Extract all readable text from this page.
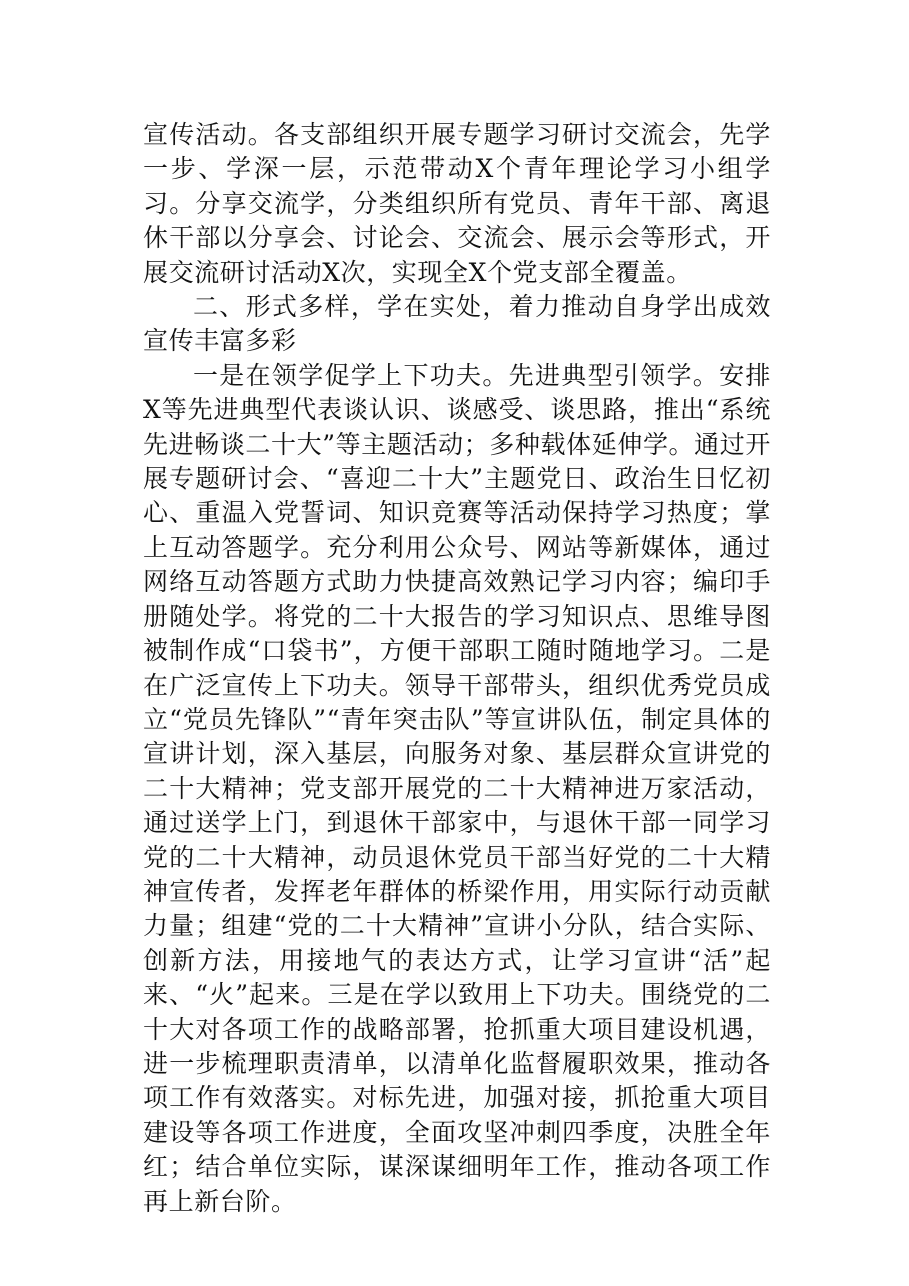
宣传活动。各支部组织开展专题学习研讨交流会，先学一步、学深一层，示范带动X个青年理论学习小组学习。分享交流学，分类组织所有党员、青年干部、离退休干部以分享会、讨论会、交流会、展示会等形式，开展交流研讨活动X次，实现全X个党支部全覆盖。

二、形式多样，学在实处，着力推动自身学出成效宣传丰富多彩

一是在领学促学上下功夫。先进典型引领学。安排X等先进典型代表谈认识、谈感受、谈思路，推出“系统先进畅谈二十大”等主题活动；多种载体延伸学。通过开展专题研讨会、“喜迎二十大”主题党日、政治生日忆初心、重温入党誓词、知识竞赛等活动保持学习热度；掌上互动答题学。充分利用公众号、网站等新媒体，通过网络互动答题方式助力快捷高效熟记学习内容；编印手册随处学。将党的二十大报告的学习知识点、思维导图被制作成“口袋书”，方便干部职工随时随地学习。二是在广泛宣传上下功夫。领导干部带头，组织优秀党员成立“党员先锋队”“青年突击队”等宣讲队伍，制定具体的宣讲计划，深入基层，向服务对象、基层群众宣讲党的二十大精神；党支部开展党的二十大精神进万家活动，通过送学上门，到退休干部家中，与退休干部一同学习党的二十大精神，动员退休党员干部当好党的二十大精神宣传者，发挥老年群体的桥梁作用，用实际行动贡献力量；组建“党的二十大精神”宣讲小分队，结合实际、创新方法，用接地气的表达方式，让学习宣讲“活”起来、“火”起来。三是在学以致用上下功夫。围绕党的二十大对各项工作的战略部署，抢抓重大项目建设机遇，进一步梳理职责清单，以清单化监督履职效果，推动各项工作有效落实。对标先进，加强对接，抓抢重大项目建设等各项工作进度，全面攻坚冲刺四季度，决胜全年红；结合单位实际，谋深谋细明年工作，推动各项工作再上新台阶。
